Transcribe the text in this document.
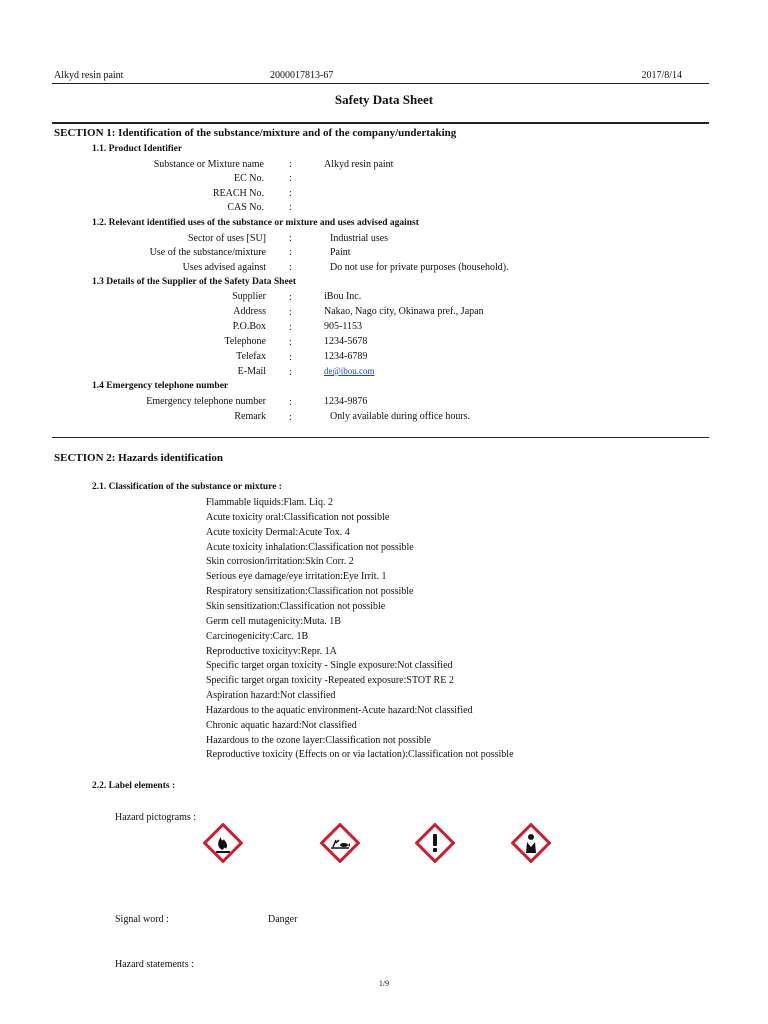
Alkyd resin paint	2000017813-67	2017/8/14
Safety Data Sheet
SECTION 1: Identification of the substance/mixture and of the company/undertaking
1.1. Product Identifier
Substance or Mixture name	:	Alkyd resin paint
EC No.	:
REACH No.	:
CAS No.	:
1.2. Relevant identified uses of the substance or mixture and uses advised against
Sector of uses [SU] :	Industrial uses
Use of the substance/mixture :	Paint
Uses advised against :	Do not use for private purposes (household).
1.3 Details of the Supplier of the Safety Data Sheet
Supplier :	iBou Inc.
Address :	Nakao, Nago city, Okinawa pref., Japan
P.O.Box :	905-1153
Telephone :	1234-5678
Telefax :	1234-6789
E-Mail :	de@ibou.com
1.4 Emergency telephone number
Emergency telephone number :	1234-9876
Remark :	Only available during office hours.
SECTION 2: Hazards identification
2.1. Classification of the substance or mixture :
Flammable liquids:Flam. Liq. 2
Acute toxicity oral:Classification not possible
Acute toxicity Dermal:Acute Tox. 4
Acute toxicity inhalation:Classification not possible
Skin corrosion/irritation:Skin Corr. 2
Serious eye damage/eye irritation:Eye Irrit. 1
Respiratory sensitization:Classification not possible
Skin sensitization:Classification not possible
Germ cell mutagenicity:Muta. 1B
Carcinogenicity:Carc. 1B
Reproductive toxicityv:Repr. 1A
Specific target organ toxicity - Single exposure:Not classified
Specific target organ toxicity -Repeated exposure:STOT RE 2
Aspiration hazard:Not classified
Hazardous to the aquatic environment-Acute hazard:Not classified
Chronic aquatic hazard:Not classified
Hazardous to the ozone layer:Classification not possible
Reproductive toxicity (Effects on or via lactation):Classification not possible
2.2. Label elements :
Hazard pictograms :
Signal word :	Danger
Hazard statements :
1/9
